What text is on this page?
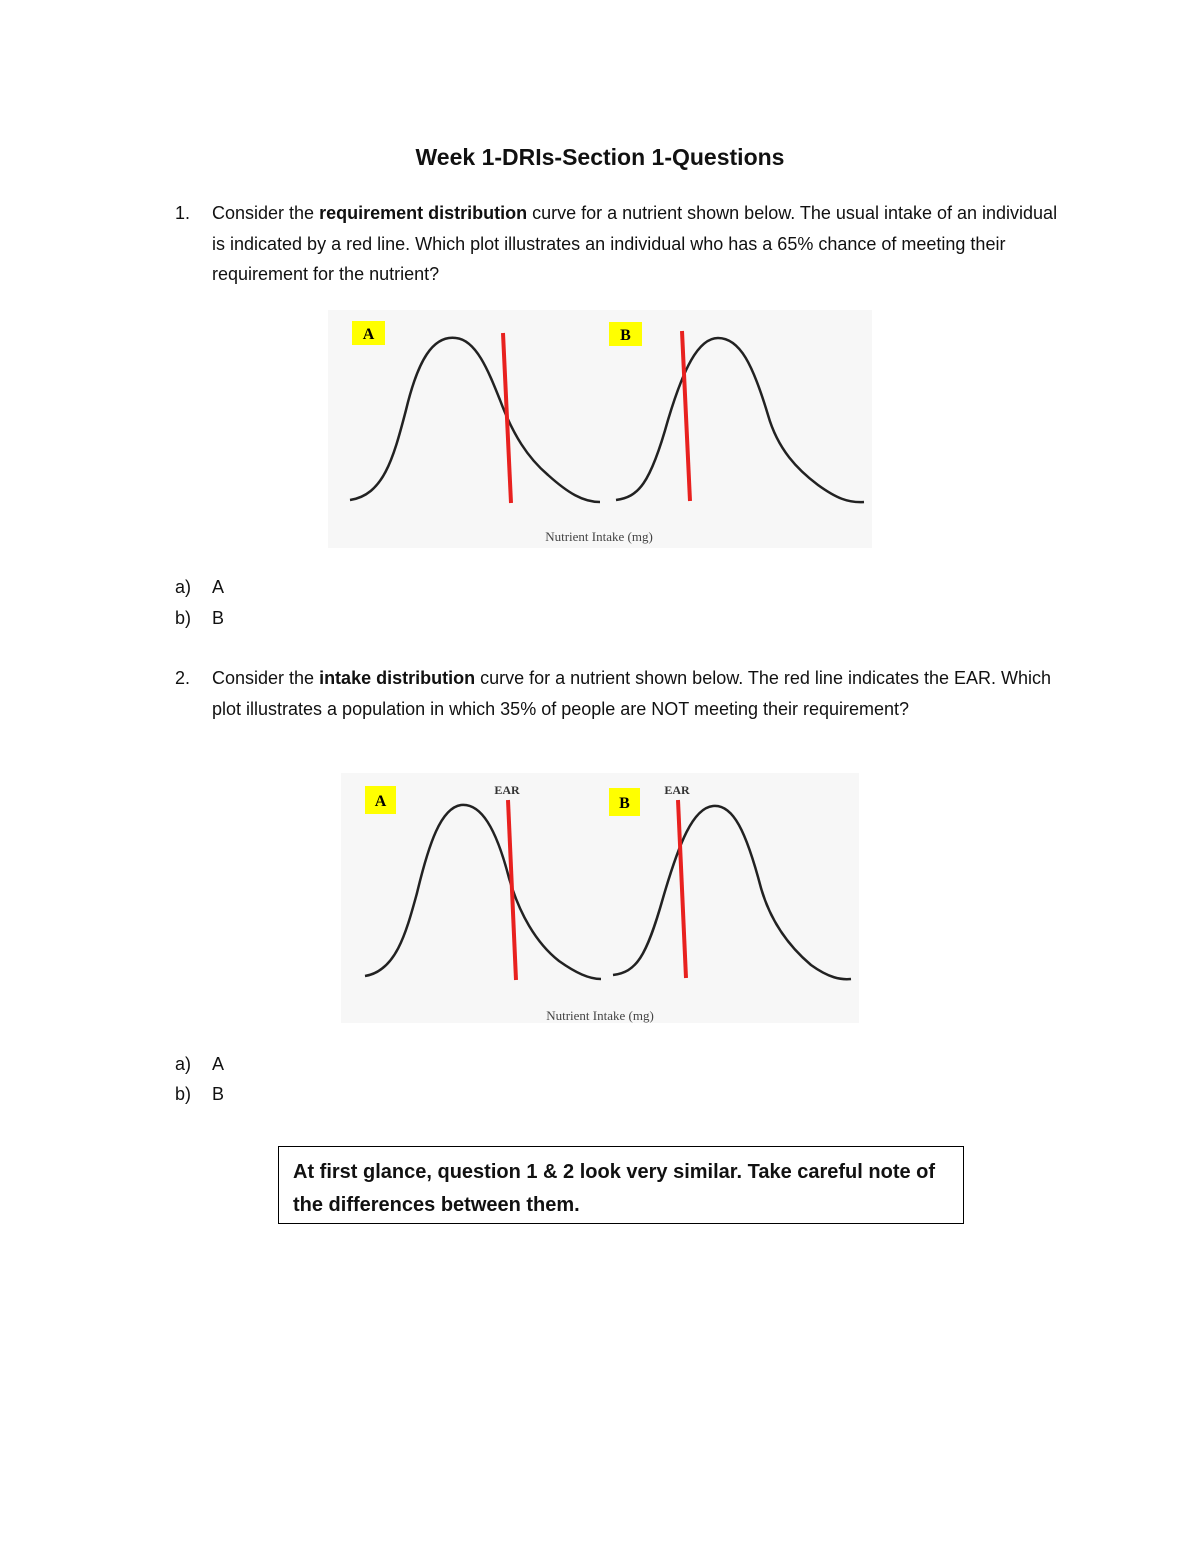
Week 1-DRIs-Section 1-Questions
1. Consider the requirement distribution curve for a nutrient shown below. The usual intake of an individual is indicated by a red line. Which plot illustrates an individual who has a 65% chance of meeting their requirement for the nutrient?
A	B
Nutrient Intake (mg)
a) A
b) B
2. Consider the intake distribution curve for a nutrient shown below. The red line indicates the EAR. Which plot illustrates a population in which 35% of people are NOT meeting their requirement?
A	B
EAR	EAR
Nutrient Intake (mg)
a) A
b) B
At first glance, question 1 & 2 look very similar. Take careful note of the differences between them.
